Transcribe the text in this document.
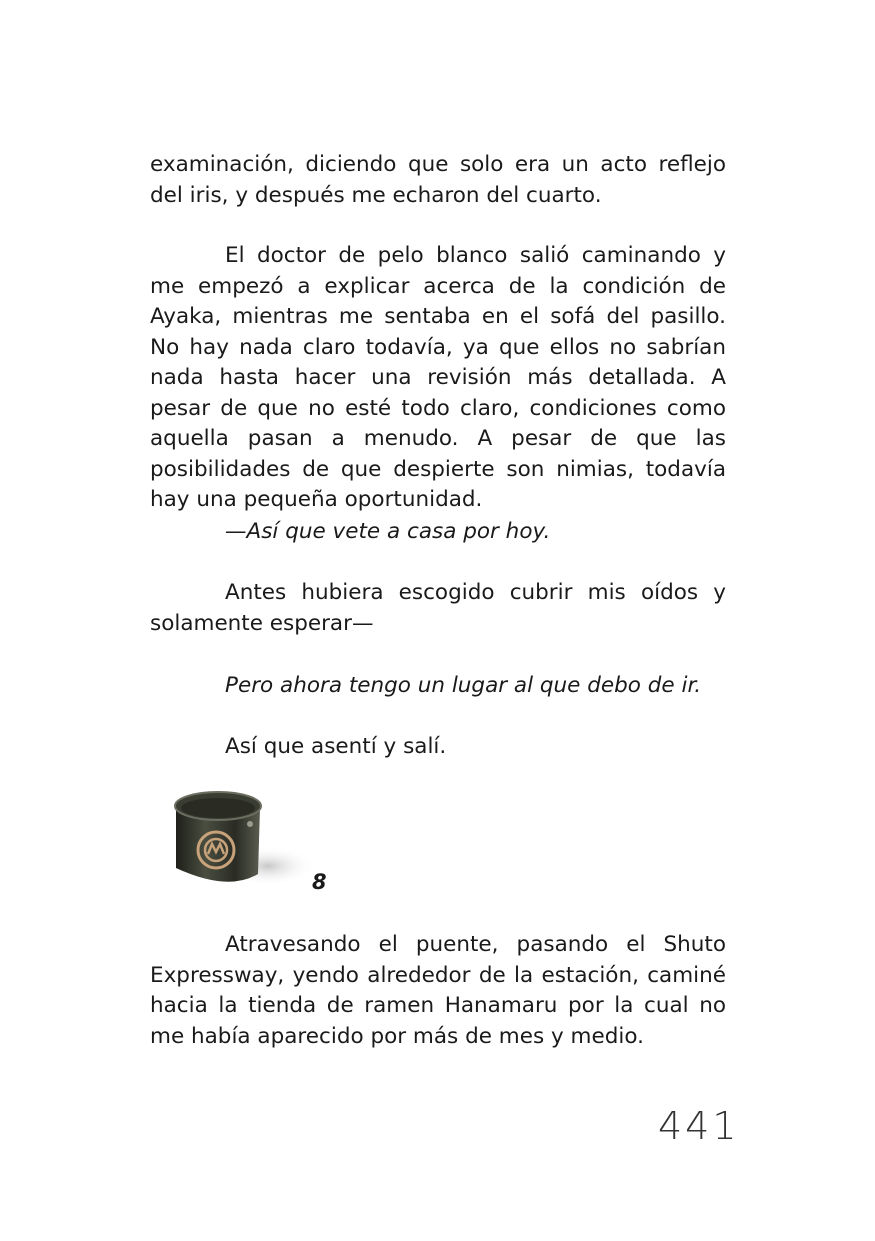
examinación, diciendo que solo era un acto reflejo del iris, y después me echaron del cuarto.

El doctor de pelo blanco salió caminando y me empezó a explicar acerca de la condición de Ayaka, mientras me sentaba en el sofá del pasillo. No hay nada claro todavía, ya que ellos no sabrían nada hasta hacer una revisión más detallada. A pesar de que no esté todo claro, condiciones como aquella pasan a menudo. A pesar de que las posibilidades de que despierte son nimias, todavía hay una pequeña oportunidad.

—Así que vete a casa por hoy.

Antes hubiera escogido cubrir mis oídos y solamente esperar—

Pero ahora tengo un lugar al que debo de ir.

Así que asentí y salí.

8

Atravesando el puente, pasando el Shuto Expressway, yendo alrededor de la estación, caminé hacia la tienda de ramen Hanamaru por la cual no me había aparecido por más de mes y medio.

441
